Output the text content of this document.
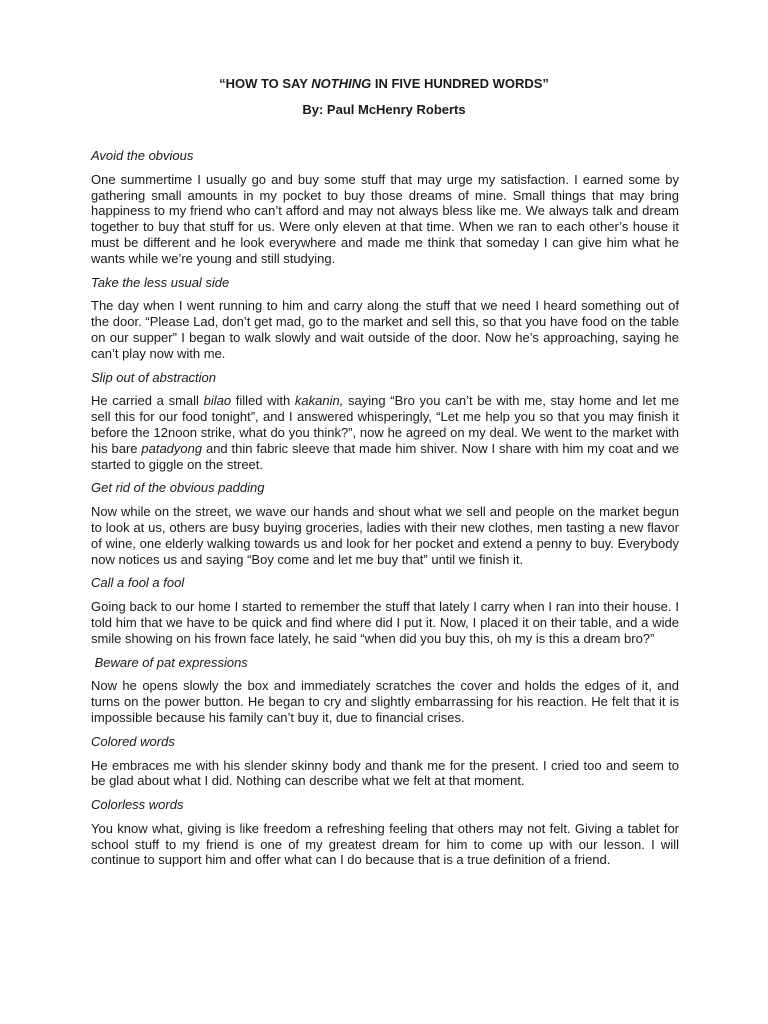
“HOW TO SAY NOTHING IN FIVE HUNDRED WORDS”
By: Paul McHenry Roberts

Avoid the obvious

One summertime I usually go and buy some stuff that may urge my satisfaction. I earned some by gathering small amounts in my pocket to buy those dreams of mine. Small things that may bring happiness to my friend who can’t afford and may not always bless like me. We always talk and dream together to buy that stuff for us. Were only eleven at that time. When we ran to each other’s house it must be different and he look everywhere and made me think that someday I can give him what he wants while we’re young and still studying.

Take the less usual side

The day when I went running to him and carry along the stuff that we need I heard something out of the door. “Please Lad, don’t get mad, go to the market and sell this, so that you have food on the table on our supper” I began to walk slowly and wait outside of the door. Now he’s approaching, saying he can’t play now with me.

Slip out of abstraction

He carried a small bilao filled with kakanin, saying “Bro you can’t be with me, stay home and let me sell this for our food tonight”, and I answered whisperingly, “Let me help you so that you may finish it before the 12noon strike, what do you think?”, now he agreed on my deal. We went to the market with his bare patadyong and thin fabric sleeve that made him shiver. Now I share with him my coat and we started to giggle on the street.

Get rid of the obvious padding

Now while on the street, we wave our hands and shout what we sell and people on the market begun to look at us, others are busy buying groceries, ladies with their new clothes, men tasting a new flavor of wine, one elderly walking towards us and look for her pocket and extend a penny to buy. Everybody now notices us and saying “Boy come and let me buy that” until we finish it.

Call a fool a fool

Going back to our home I started to remember the stuff that lately I carry when I ran into their house. I told him that we have to be quick and find where did I put it. Now, I placed it on their table, and a wide smile showing on his frown face lately, he said “when did you buy this, oh my is this a dream bro?”

Beware of pat expressions

Now he opens slowly the box and immediately scratches the cover and holds the edges of it, and turns on the power button. He began to cry and slightly embarrassing for his reaction. He felt that it is impossible because his family can’t buy it, due to financial crises.

Colored words

He embraces me with his slender skinny body and thank me for the present. I cried too and seem to be glad about what I did. Nothing can describe what we felt at that moment.

Colorless words

You know what, giving is like freedom a refreshing feeling that others may not felt. Giving a tablet for school stuff to my friend is one of my greatest dream for him to come up with our lesson. I will continue to support him and offer what can I do because that is a true definition of a friend.
